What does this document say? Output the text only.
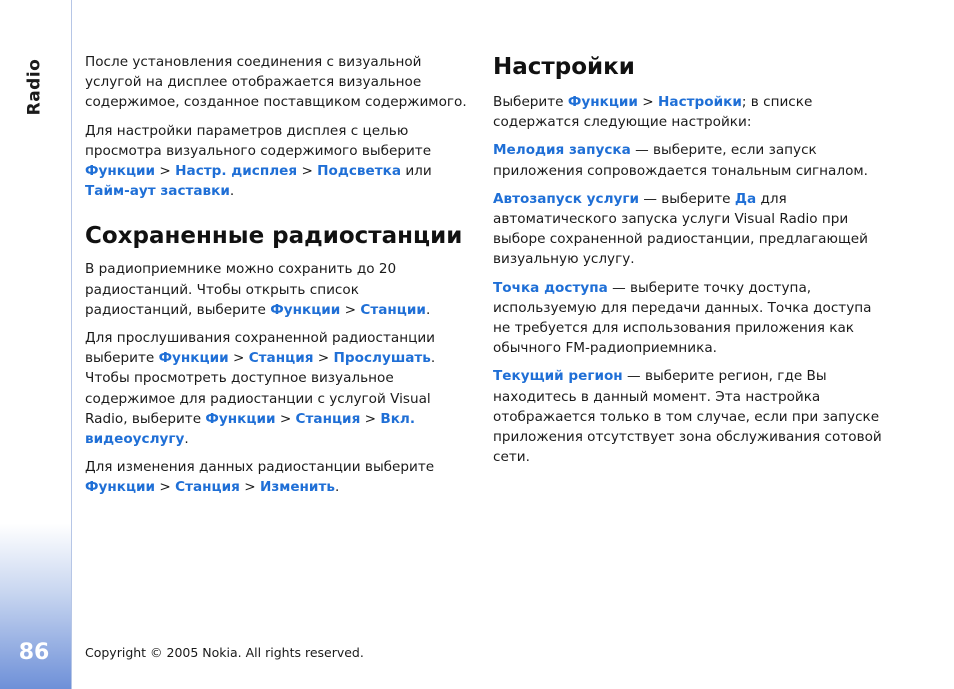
Radio
86

После установления соединения с визуальной услугой на дисплее отображается визуальное содержимое, созданное поставщиком содержимого.

Для настройки параметров дисплея с целью просмотра визуального содержимого выберите Функции > Настр. дисплея > Подсветка или Тайм-аут заставки.

Сохраненные радиостанции

В радиоприемнике можно сохранить до 20 радиостанций. Чтобы открыть список радиостанций, выберите Функции > Станции.

Для прослушивания сохраненной радиостанции выберите Функции > Станция > Прослушать. Чтобы просмотреть доступное визуальное содержимое для радиостанции с услугой Visual Radio, выберите Функции > Станция > Вкл. видеоуслугу.

Для изменения данных радиостанции выберите Функции > Станция > Изменить.

Настройки

Выберите Функции > Настройки; в списке содержатся следующие настройки:

Мелодия запуска — выберите, если запуск приложения сопровождается тональным сигналом.

Автозапуск услуги — выберите Да для автоматического запуска услуги Visual Radio при выборе сохраненной радиостанции, предлагающей визуальную услугу.

Точка доступа — выберите точку доступа, используемую для передачи данных. Точка доступа не требуется для использования приложения как обычного FM-радиоприемника.

Текущий регион — выберите регион, где Вы находитесь в данный момент. Эта настройка отображается только в том случае, если при запуске приложения отсутствует зона обслуживания сотовой сети.

Copyright © 2005 Nokia. All rights reserved.
